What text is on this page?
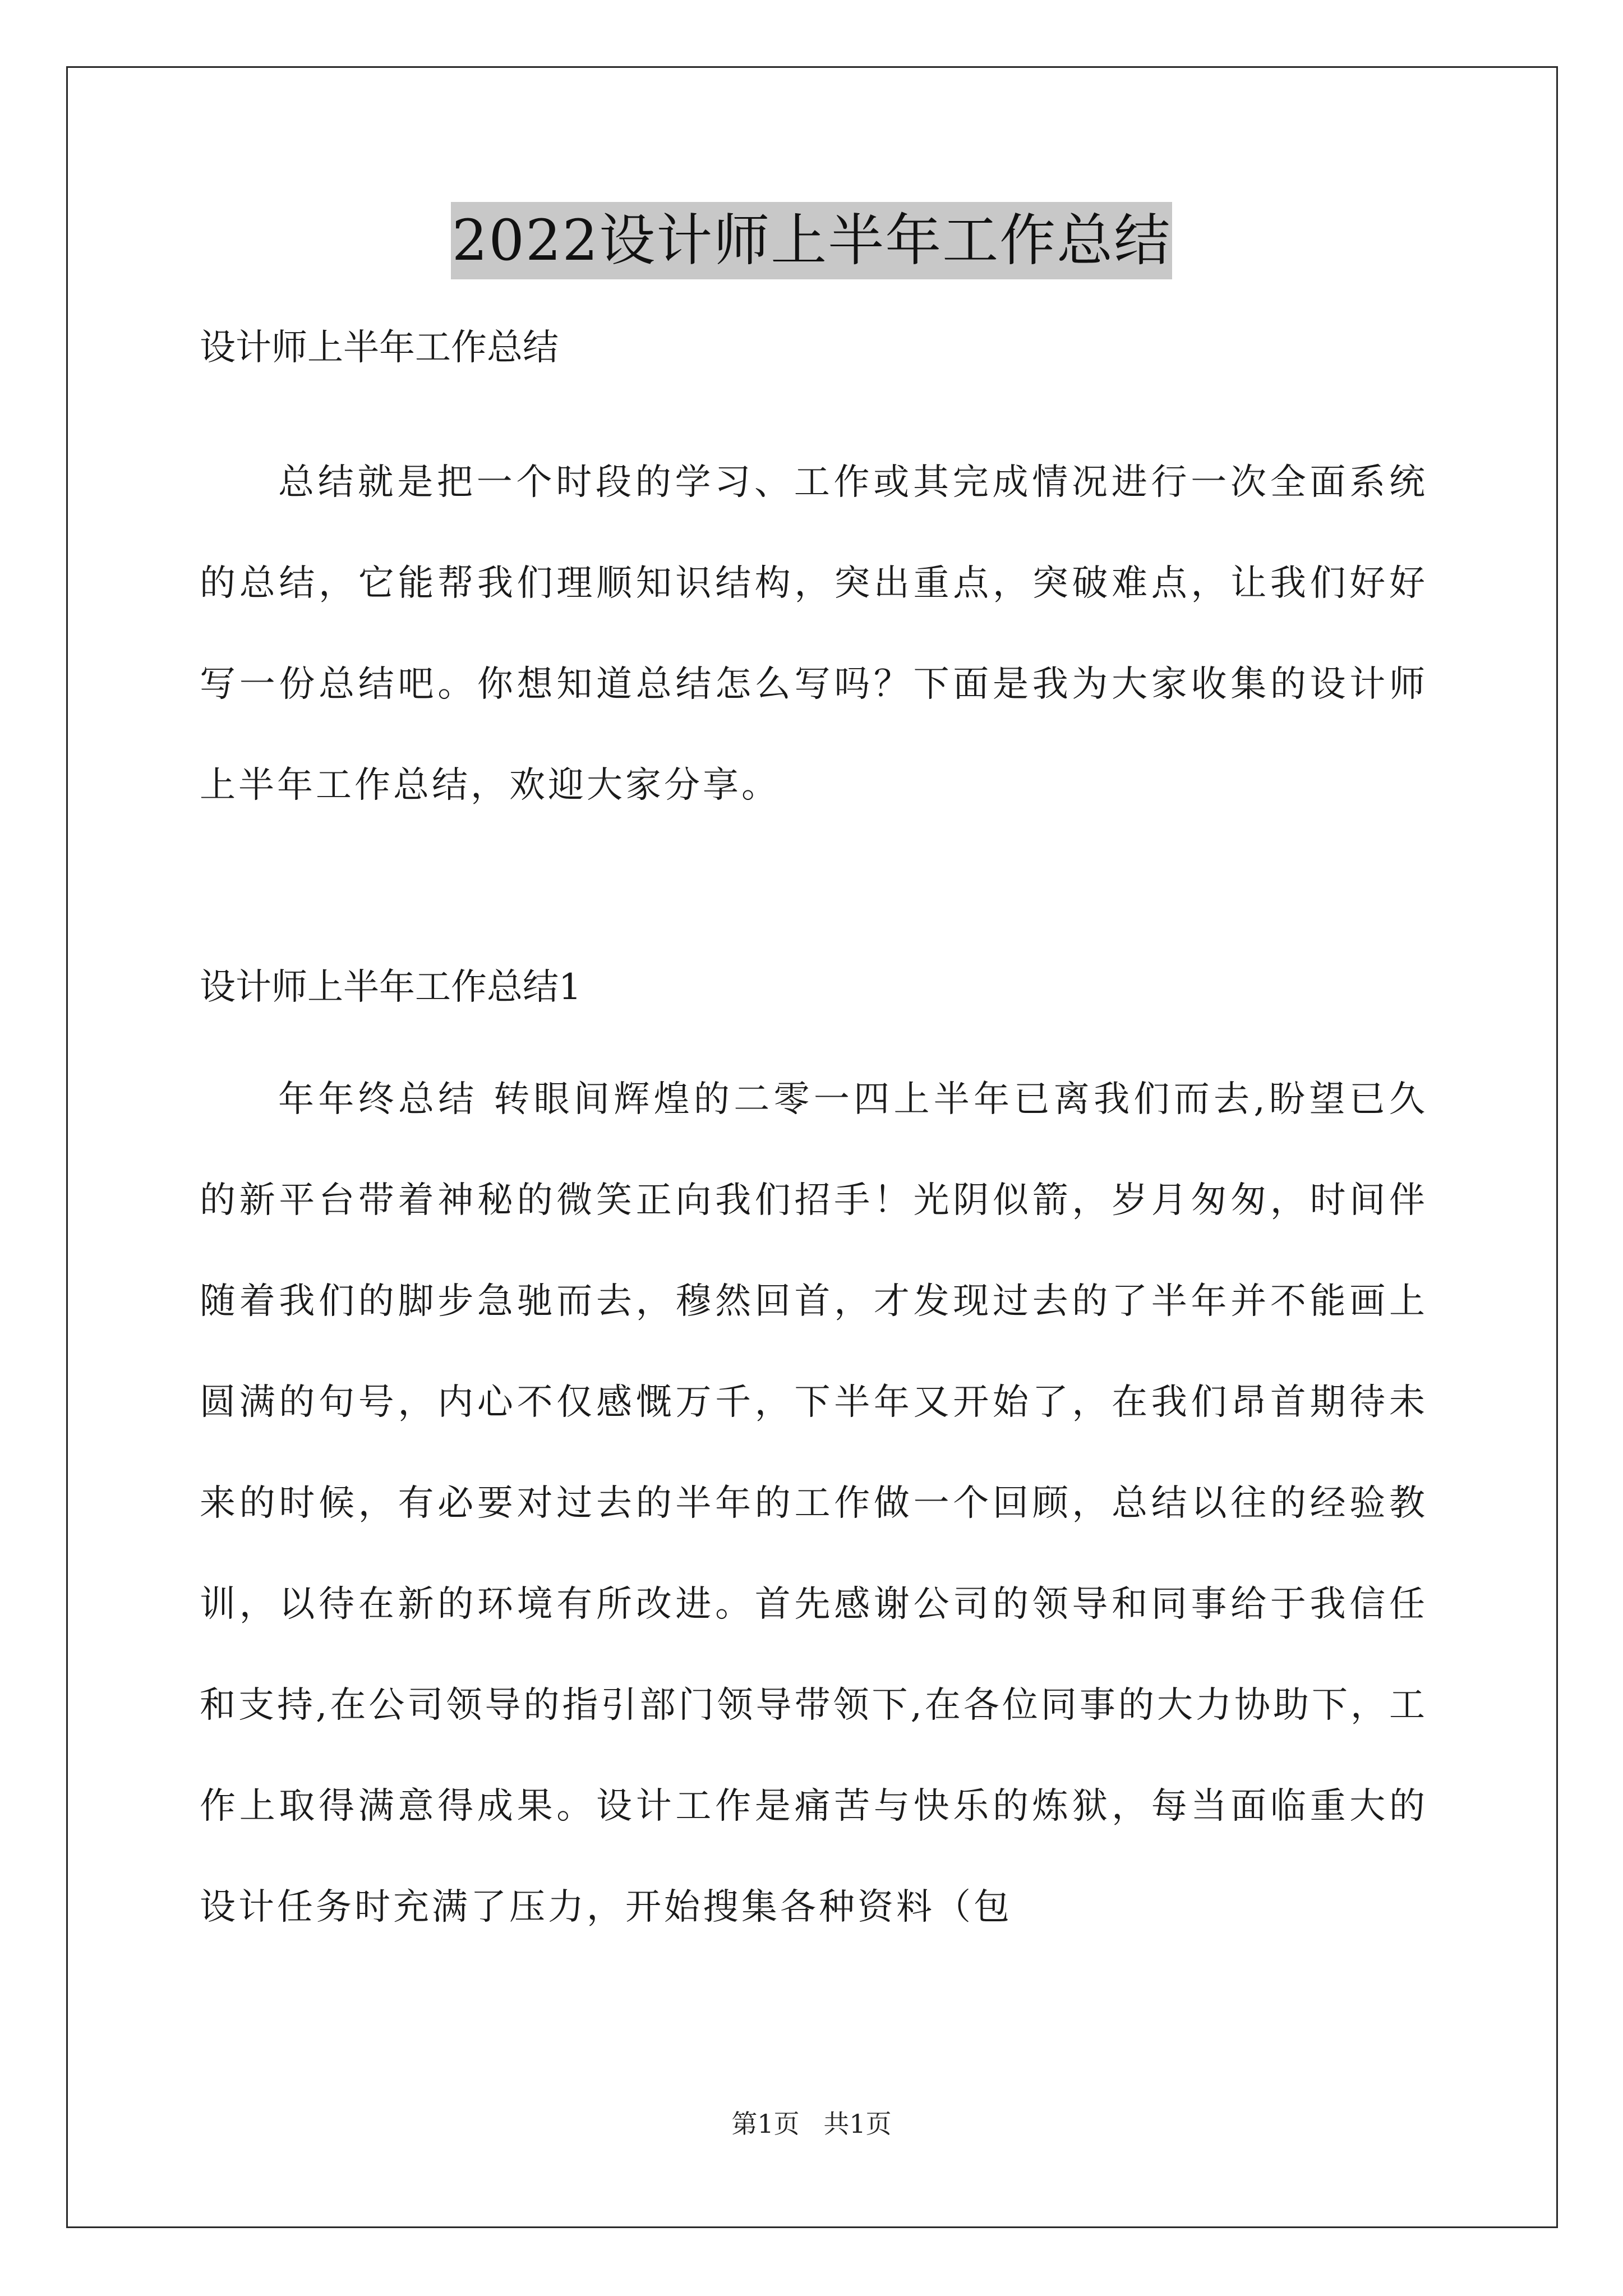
2022设计师上半年工作总结

设计师上半年工作总结

总结就是把一个时段的学习、工作或其完成情况进行一次全面系统的总结，它能帮我们理顺知识结构，突出重点，突破难点，让我们好好写一份总结吧。你想知道总结怎么写吗？下面是我为大家收集的设计师上半年工作总结，欢迎大家分享。

设计师上半年工作总结1

年年终总结 转眼间辉煌的二零一四上半年已离我们而去,盼望已久的新平台带着神秘的微笑正向我们招手！光阴似箭，岁月匆匆，时间伴随着我们的脚步急驰而去，穆然回首，才发现过去的了半年并不能画上圆满的句号，内心不仅感慨万千，下半年又开始了，在我们昂首期待未来的时候，有必要对过去的半年的工作做一个回顾，总结以往的经验教训，以待在新的环境有所改进。首先感谢公司的领导和同事给于我信任和支持,在公司领导的指引部门领导带领下,在各位同事的大力协助下，工作上取得满意得成果。设计工作是痛苦与快乐的炼狱，每当面临重大的设计任务时充满了压力，开始搜集各种资料（包

第1页 共1页
